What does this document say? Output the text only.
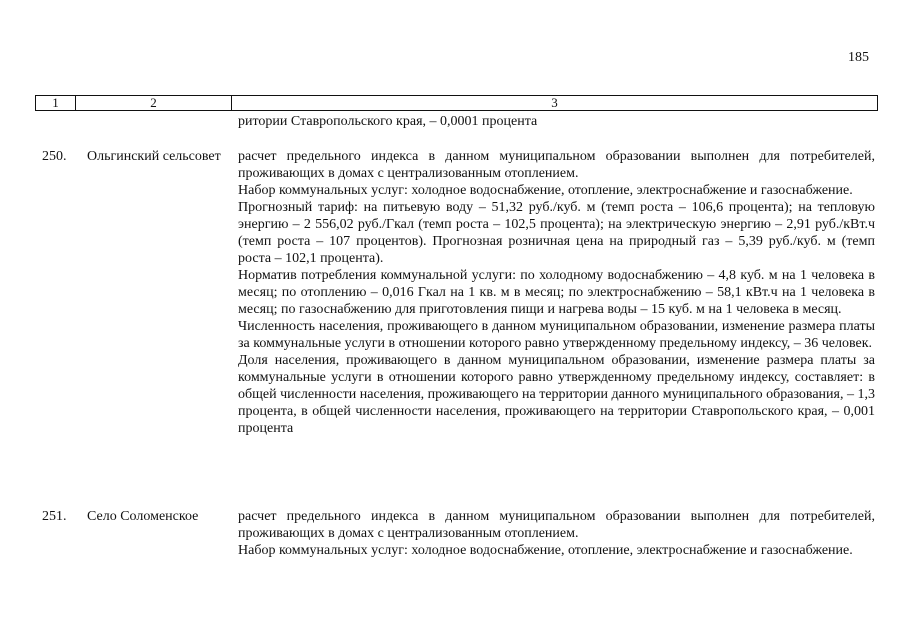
185
1	2	3

ритории Ставропольского края, – 0,0001 процента

250.	Ольгинский сельсовет	расчет предельного индекса в данном муниципальном образовании выполнен для потребителей, проживающих в домах с централизованным отоплением.

Набор коммунальных услуг: холодное водоснабжение, отопление, электроснабжение и газоснабжение.

Прогнозный тариф: на питьевую воду – 51,32 руб./куб. м (темп роста – 106,6 процента); на тепловую энергию – 2 556,02 руб./Гкал (темп роста – 102,5 процента); на электрическую энергию – 2,91 руб./кВт.ч (темп роста – 107 процентов). Прогнозная розничная цена на природный газ – 5,39 руб./куб. м (темп роста – 102,1 процента).

Норматив потребления коммунальной услуги: по холодному водоснабжению – 4,8 куб. м на 1 человека в месяц; по отоплению – 0,016 Гкал на 1 кв. м в месяц; по электроснабжению – 58,1 кВт.ч на 1 человека в месяц; по газоснабжению для приготовления пищи и нагрева воды – 15 куб. м на 1 человека в месяц.

Численность населения, проживающего в данном муниципальном образовании, изменение размера платы за коммунальные услуги в отношении которого равно утвержденному предельному индексу, – 36 человек.

Доля населения, проживающего в данном муниципальном образовании, изменение размера платы за коммунальные услуги в отношении которого равно утвержденному предельному индексу, составляет: в общей численности населения, проживающего на территории данного муниципального образования, – 1,3 процента, в общей численности населения, проживающего на территории Ставропольского края, – 0,001 процента

251.	Село Соломенское	расчет предельного индекса в данном муниципальном образовании выполнен для потребителей, проживающих в домах с централизованным отоплением.

Набор коммунальных услуг: холодное водоснабжение, отопление, электроснабжение и газоснабжение.
